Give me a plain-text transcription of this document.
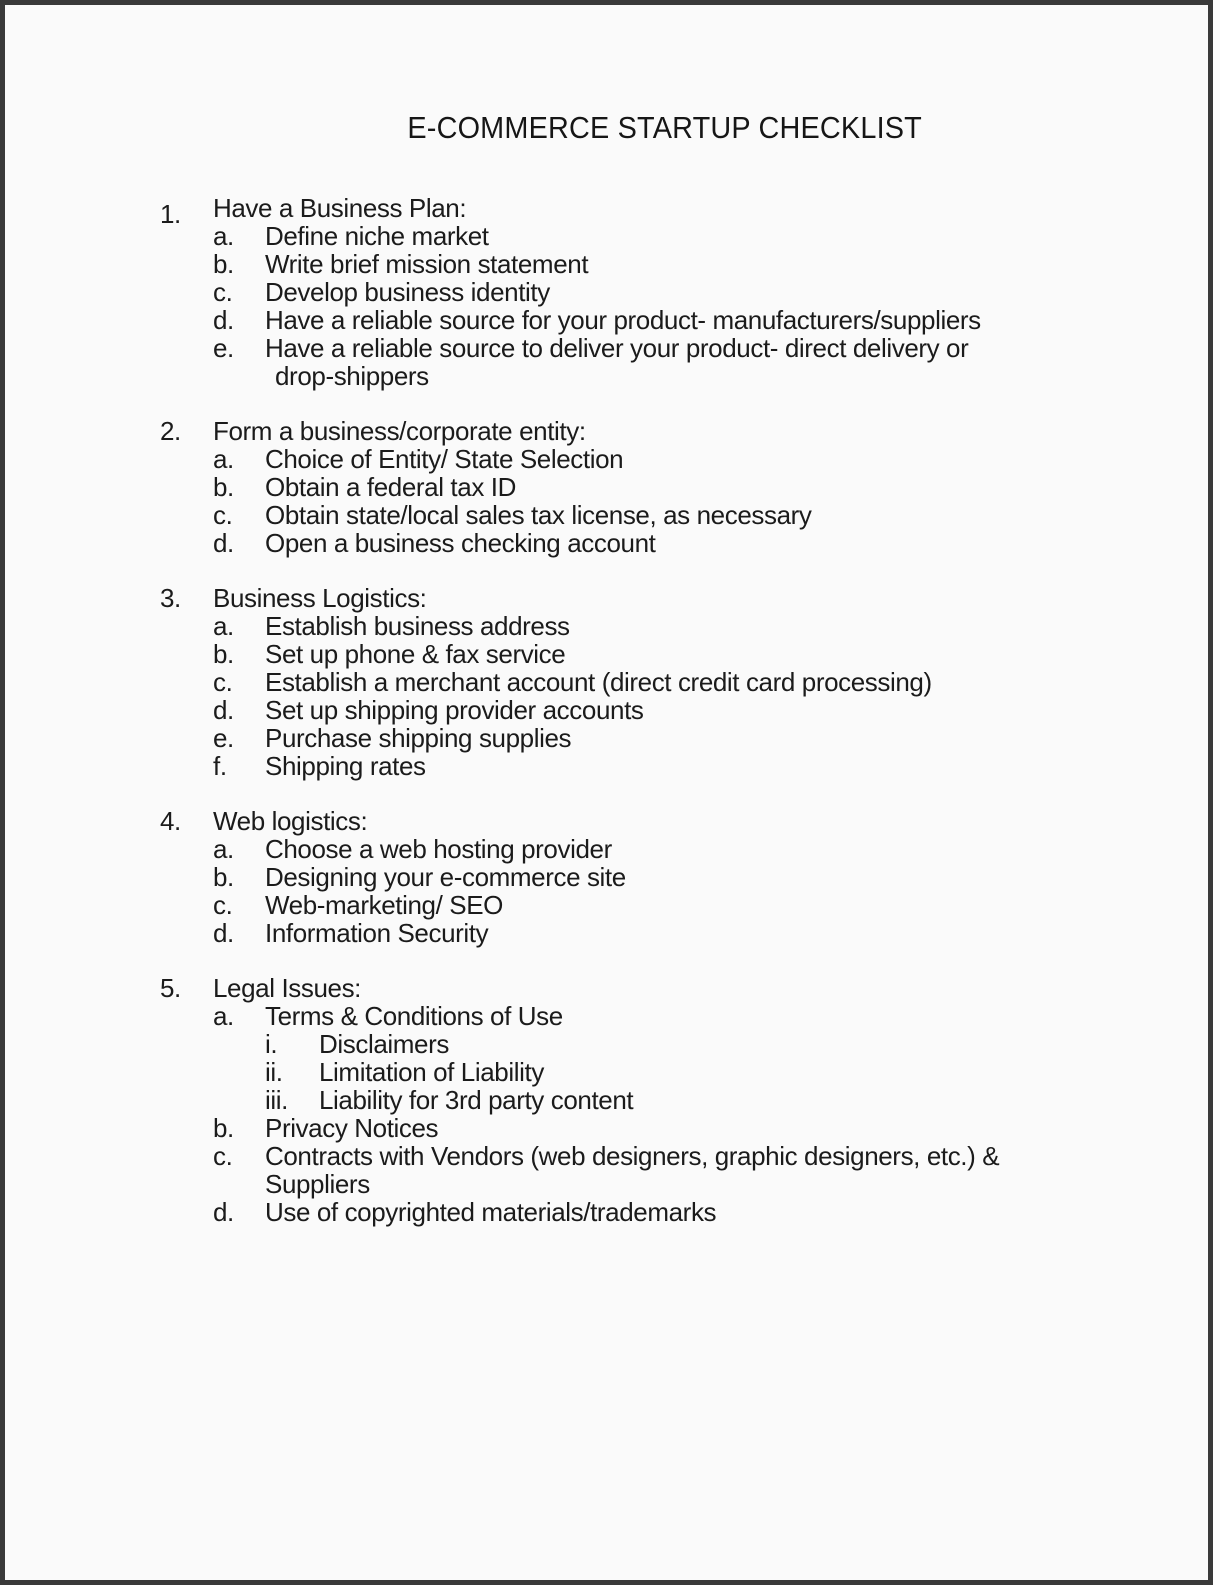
E-COMMERCE STARTUP CHECKLIST
1.	Have a Business Plan:
a.	Define niche market
b.	Write brief mission statement
c.	Develop business identity
d.	Have a reliable source for your product- manufacturers/suppliers
e.	Have a reliable source to deliver your product- direct delivery or
drop-shippers
2.	Form a business/corporate entity:
a.	Choice of Entity/ State Selection
b.	Obtain a federal tax ID
c.	Obtain state/local sales tax license, as necessary
d.	Open a business checking account
3.	Business Logistics:
a.	Establish business address
b.	Set up phone & fax service
c.	Establish a merchant account (direct credit card processing)
d.	Set up shipping provider accounts
e.	Purchase shipping supplies
f.	Shipping rates
4.	Web logistics:
a.	Choose a web hosting provider
b.	Designing your e-commerce site
c.	Web-marketing/ SEO
d.	Information Security
5.	Legal Issues:
a.	Terms & Conditions of Use
i.	Disclaimers
ii.	Limitation of Liability
iii.	Liability for 3rd party content
b.	Privacy Notices
c.	Contracts with Vendors (web designers, graphic designers, etc.) &
Suppliers
d.	Use of copyrighted materials/trademarks
